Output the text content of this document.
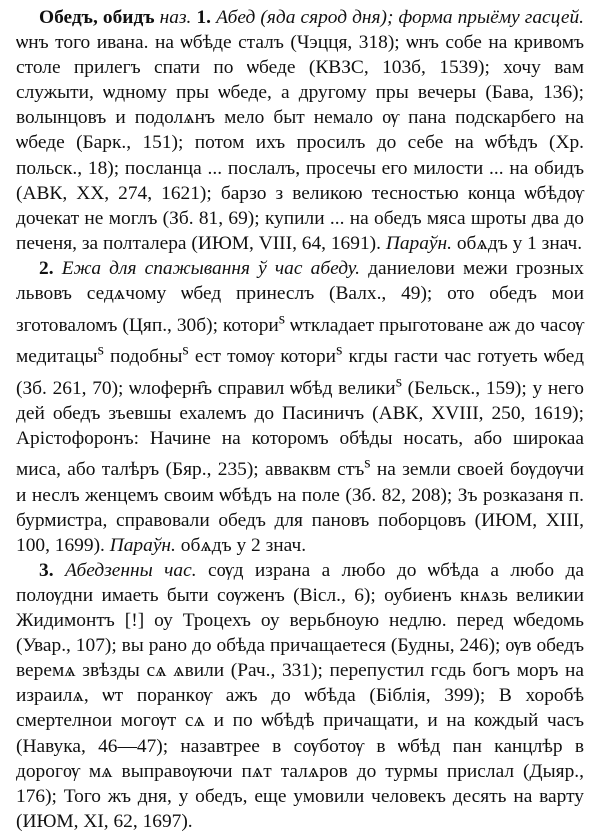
Обедъ, обидъ наз. 1. Абед (яда сярод дня); форма прыёму гасцей. ѡнъ того ивана. на ѡбѣде сталъ (Чэцця, 318); ѡнъ собе на кривомъ столе прилегъ спати по ѡбеде (КВЗС, 103б, 1539); хочу вам служыти, ѡдному пры ѡбеде, а другому пры вечеры (Бава, 136); волынцовъ и подолѧнъ мело быт немало ѹ пана подскарбего на ѡбеде (Барк., 151); потом ихъ просилъ до себе на ѡбѣдъ (Хр. польск., 18); посланца ... послалъ, просечы его милости ... на обидъ (АВК, XX, 274, 1621); барзо з великою тесностью конца ѡбѣдѹ дочекат не моглъ (Зб. 81, 69); купили ... на обедъ мяса шроты два до печеня, за полталера (ИЮМ, VIII, 64, 1691). Параўн. обѧдъ у 1 знач.

2. Ежа для спажывання ў час абеду. даниелови межи грозных львовъ седѧчому ѡбед принеслъ (Валх., 49); ото обедъ мои зготоваломъ (Цяп., 30б); котори$^s$ ѡткладает прыготоване аж до часѹ медитацы$^s$ подобны$^s$ ест томѹ котори$^s$ кгды гасти час готуеть ѡбед (Зб. 261, 70); ѡлоферн҄ъ справил ѡбѣд велики$^s$ (Бельск., 159); у него дей обедъ зъевшы ехалемъ до Пасиничъ (АВК, XVIII, 250, 1619); Арiстофоронъ: Начине на которомъ обѣды носать, або широкаа миса, або талѣръ (Бяр., 235); авваквм стъ$^s$ на земли своей бѹдѹчи и неслъ женцемъ своим ѡбѣдъ на поле (Зб. 82, 208); Зъ розказаня п. бурмистра, справовали обедъ для пановъ поборцовъ (ИЮМ, XIII, 100, 1699). Параўн. обѧдъ у 2 знач.

3. Абедзенны час. сѹд израна а любо до ѡбѣда а любо да полѹдни имаеть быти сѹженъ (Вісл., 6); оубиенъ кнѧзь великии Жидимонтъ [!] оу Троцехъ оу верьбноую недлю. перед ѡбедомь (Увар., 107); вы рано до обѣда причащаетеся (Будны, 246); ѹв обедъ веремѧ звѣзды сѧ ѧвили (Рач., 331); перепустил гсдь богъ моръ на израилѧ, ѡт поранкѹ ажъ до ѡбѣда (Біблія, 399); В хоробѣ смертелнои могѹт сѧ и по ѡбѣдѣ причащати, и на кождый часъ (Навука, 46—47); назавтрее в сѹботѹ в ѡбѣд пан канцлѣр в дорогѹ мѧ выправѹючи пѧт талѧров до турмы прислал (Дыяр., 176); Того жъ дня, у обедъ, еще умовили человекъ десять на варту (ИЮМ, XI, 62, 1697).
